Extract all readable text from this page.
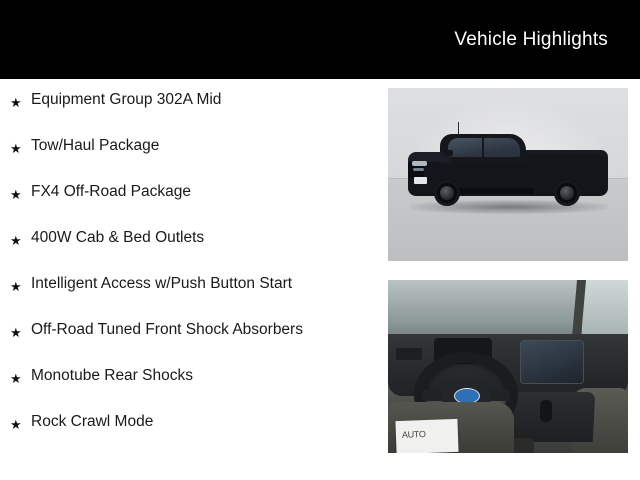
Vehicle Highlights
★ Equipment Group 302A Mid
★ Tow/Haul Package
★ FX4 Off-Road Package
★ 400W Cab & Bed Outlets
★ Intelligent Access w/Push Button Start
★ Off-Road Tuned Front Shock Absorbers
★ Monotube Rear Shocks
★ Rock Crawl Mode
AUTO
